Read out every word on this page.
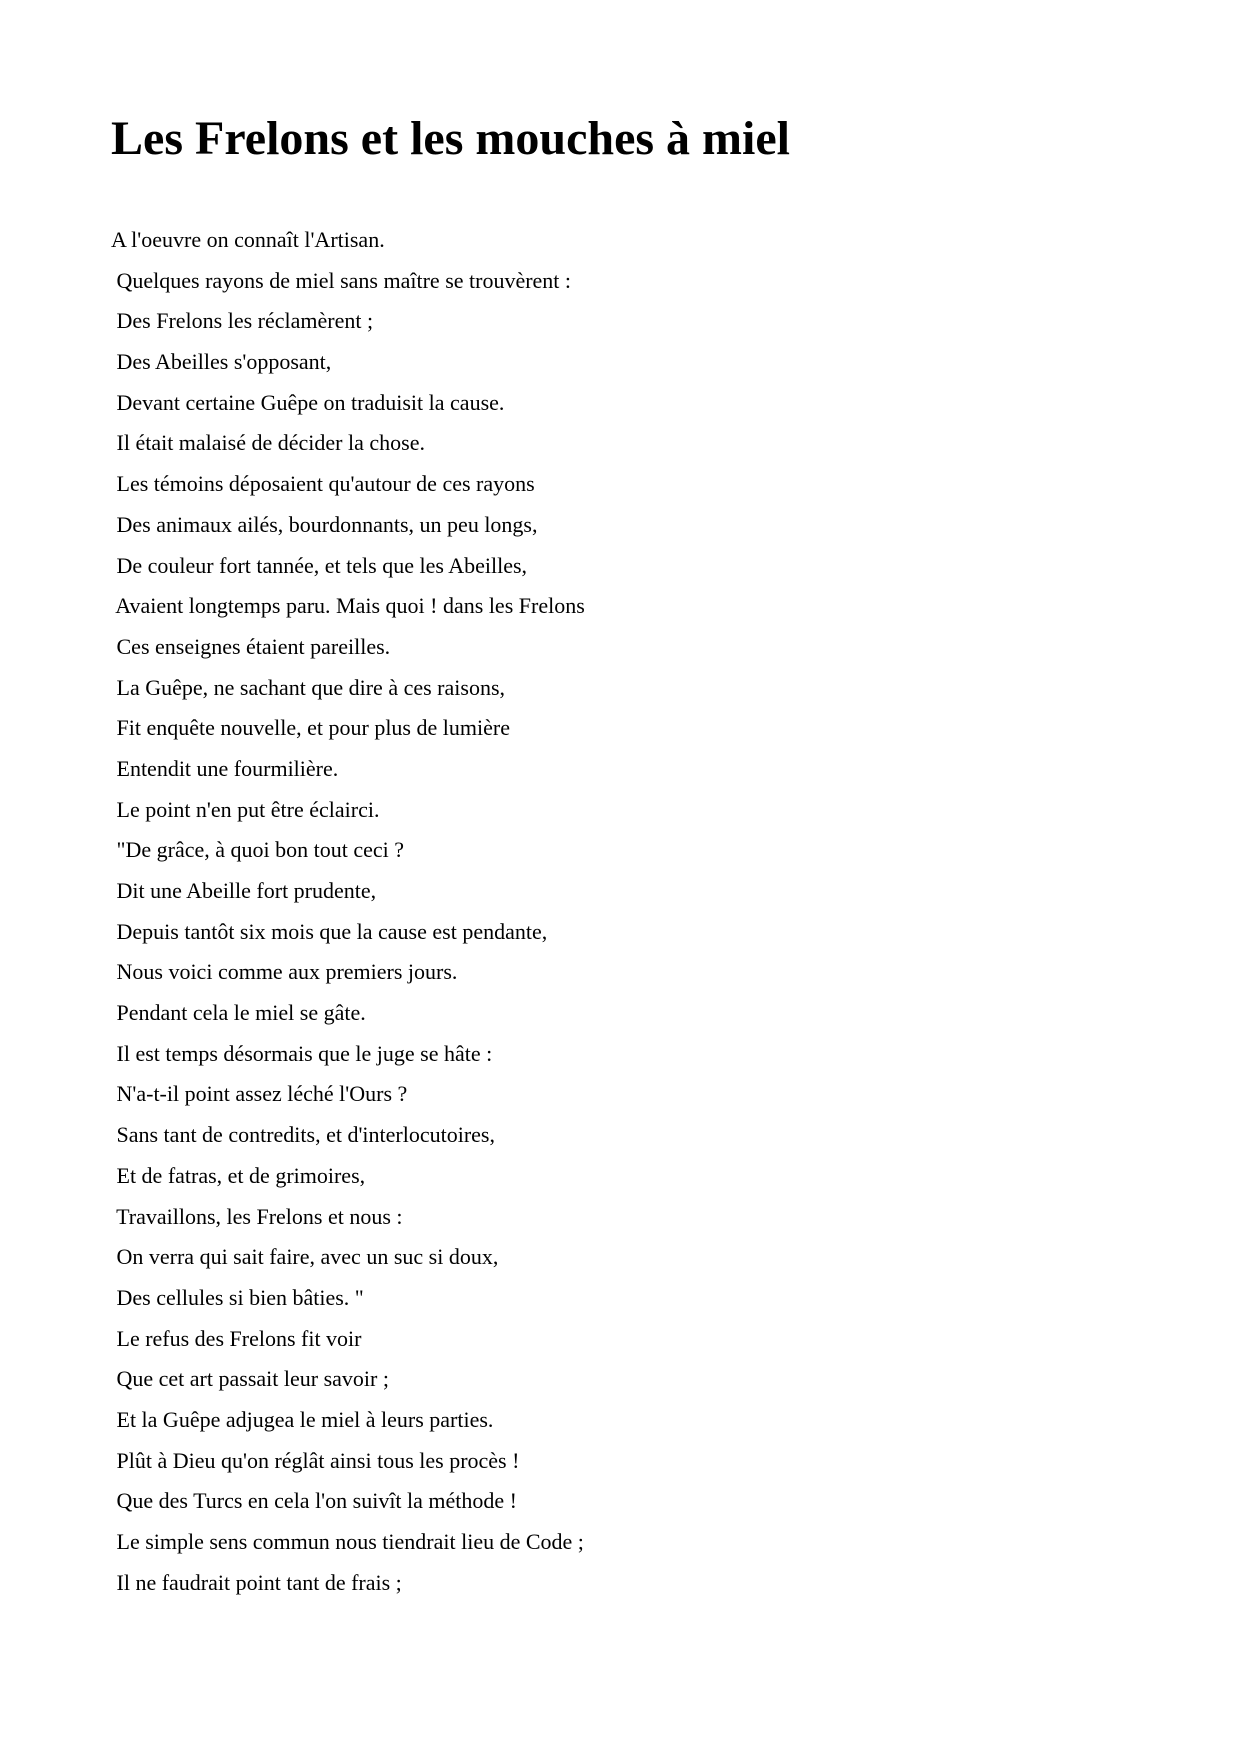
Les Frelons et les mouches à miel
A l'oeuvre on connaît l'Artisan.
Quelques rayons de miel sans maître se trouvèrent :
Des Frelons les réclamèrent ;
Des Abeilles s'opposant,
Devant certaine Guêpe on traduisit la cause.
Il était malaisé de décider la chose.
Les témoins déposaient qu'autour de ces rayons
Des animaux ailés, bourdonnants, un peu longs,
De couleur fort tannée, et tels que les Abeilles,
Avaient longtemps paru. Mais quoi ! dans les Frelons
Ces enseignes étaient pareilles.
La Guêpe, ne sachant que dire à ces raisons,
Fit enquête nouvelle, et pour plus de lumière
Entendit une fourmilière.
Le point n'en put être éclairci.
"De grâce, à quoi bon tout ceci ?
Dit une Abeille fort prudente,
Depuis tantôt six mois que la cause est pendante,
Nous voici comme aux premiers jours.
Pendant cela le miel se gâte.
Il est temps désormais que le juge se hâte :
N'a-t-il point assez léché l'Ours ?
Sans tant de contredits, et d'interlocutoires,
Et de fatras, et de grimoires,
Travaillons, les Frelons et nous :
On verra qui sait faire, avec un suc si doux,
Des cellules si bien bâties. "
Le refus des Frelons fit voir
Que cet art passait leur savoir ;
Et la Guêpe adjugea le miel à leurs parties.
Plût à Dieu qu'on réglât ainsi tous les procès !
Que des Turcs en cela l'on suivît la méthode !
Le simple sens commun nous tiendrait lieu de Code ;
Il ne faudrait point tant de frais ;
